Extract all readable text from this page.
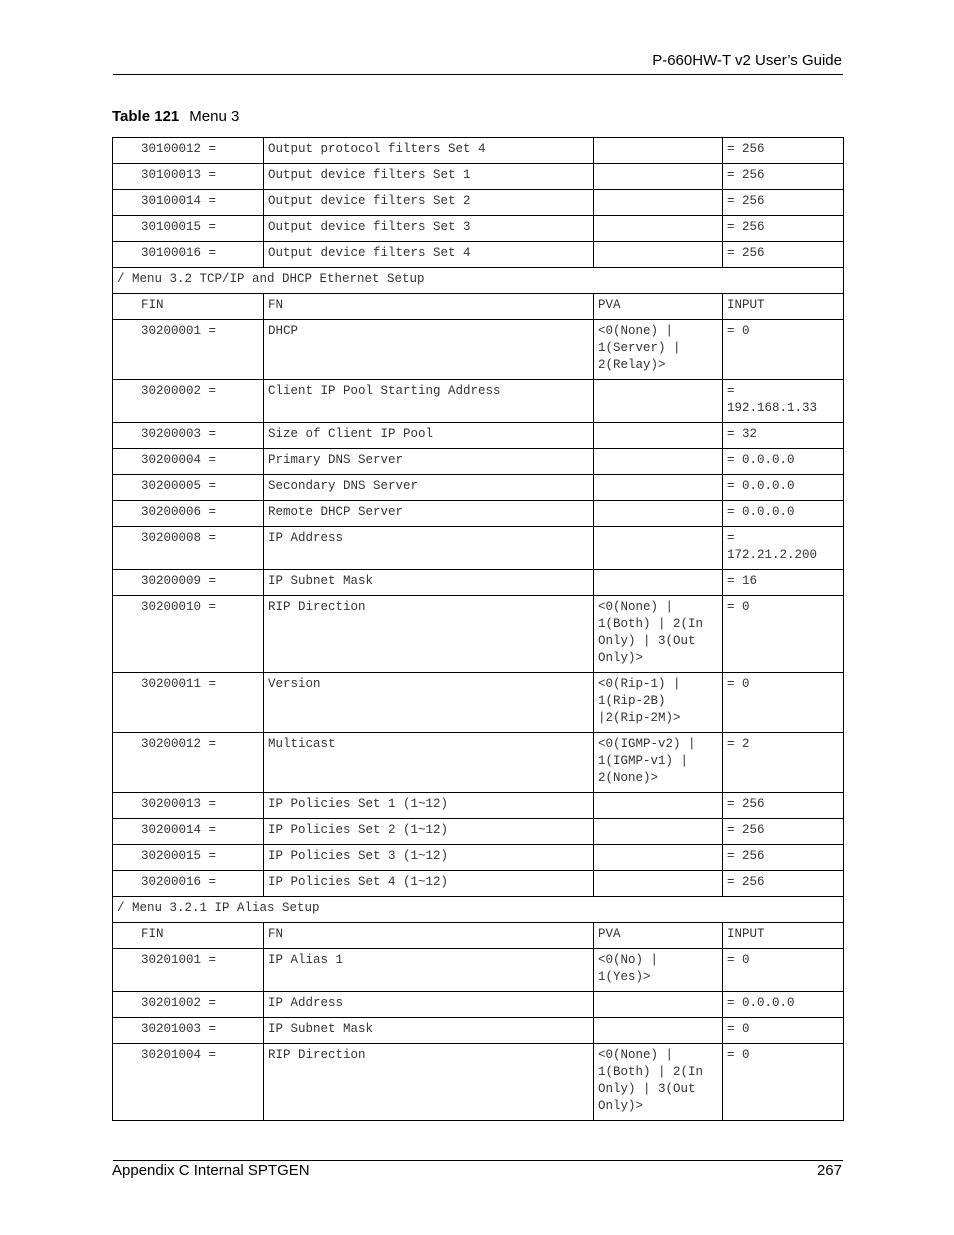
P-660HW-T v2 User’s Guide
Table 121 Menu 3
30100012 =	Output protocol filters Set 4		= 256
30100013 =	Output device filters Set 1		= 256
30100014 =	Output device filters Set 2		= 256
30100015 =	Output device filters Set 3		= 256
30100016 =	Output device filters Set 4		= 256
/ Menu 3.2 TCP/IP and DHCP Ethernet Setup			
FIN	FN	PVA	INPUT
30200001 =	DHCP	<0(None) |
1(Server) |
2(Relay)>	= 0
30200002 =	Client IP Pool Starting Address		=
192.168.1.33
30200003 =	Size of Client IP Pool		= 32
30200004 =	Primary DNS Server		= 0.0.0.0
30200005 =	Secondary DNS Server		= 0.0.0.0
30200006 =	Remote DHCP Server		= 0.0.0.0
30200008 =	IP Address		=
172.21.2.200
30200009 =	IP Subnet Mask		= 16
30200010 =	RIP Direction	<0(None) |
1(Both) | 2(In
Only) | 3(Out
Only)>	= 0
30200011 =	Version	<0(Rip-1) |
1(Rip-2B)
|2(Rip-2M)>	= 0
30200012 =	Multicast	<0(IGMP-v2) |
1(IGMP-v1) |
2(None)>	= 2
30200013 =	IP Policies Set 1 (1~12)		= 256
30200014 =	IP Policies Set 2 (1~12)		= 256
30200015 =	IP Policies Set 3 (1~12)		= 256
30200016 =	IP Policies Set 4 (1~12)		= 256
/ Menu 3.2.1 IP Alias Setup			
FIN	FN	PVA	INPUT
30201001 =	IP Alias 1	<0(No) |
1(Yes)>	= 0
30201002 =	IP Address		= 0.0.0.0
30201003 =	IP Subnet Mask		= 0
30201004 =	RIP Direction	<0(None) |
1(Both) | 2(In
Only) | 3(Out
Only)>	= 0
Appendix C Internal SPTGEN	267
